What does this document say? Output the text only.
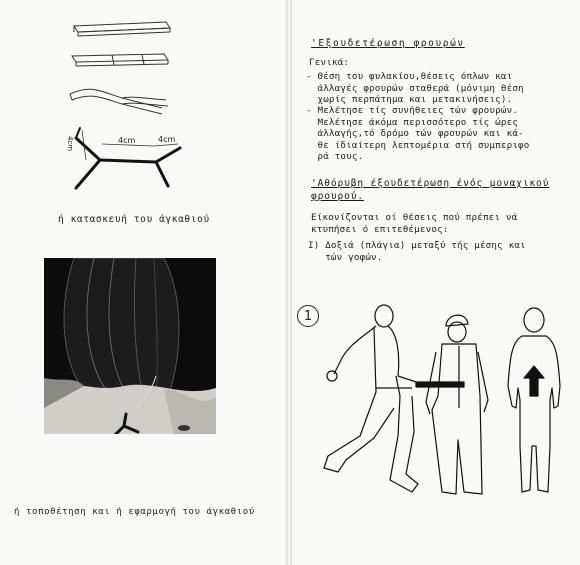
4cm	4cm
4cm
ή κατασκευή του άγκαθιού
ή τοποθέτηση και ή εφαρμογή του άγκαθιού
'Εξουδετέρωση φρουρών
Γενικά:
- Θέση του φυλακίου,θέσεις όπλων και
άλλαγές φρουρών σταθερά (μόνιμη θέση
χωρίς περπάτημα και μετακινήσεις).
- Μελέτησε τίς συνήθειες τών φρουρών.
Μελέτησε άκόμα περισσότερο τίς ώρες
άλλαγής,τό δρόμο τών φρουρών και κά-
θε ίδιαίτερη λεπτομέρια στή συμπεριφο
ρά τους.
'Αθόρυβη έξουδετέρωση ένός μοναχικού
φρουρού.
Είκονίζονται οί θέσεις πού πρέπει νά
κτυπήσει ό επιτεθέμενος:
I) Δοξιά (πλάγια) μεταξύ τής μέσης και
τών γοφών.
1
